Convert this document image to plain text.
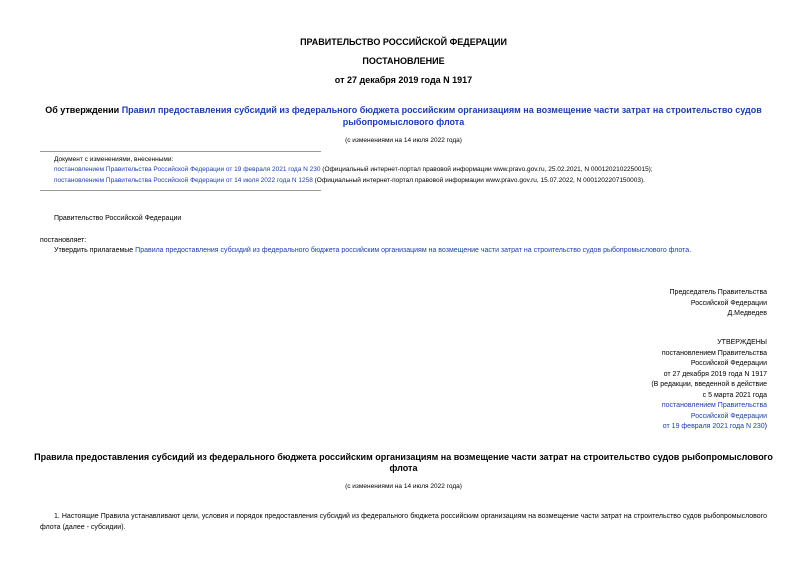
ПРАВИТЕЛЬСТВО РОССИЙСКОЙ ФЕДЕРАЦИИ
ПОСТАНОВЛЕНИЕ
от 27 декабря 2019 года N 1917
Об утверждении Правил предоставления субсидий из федерального бюджета российским организациям на возмещение части затрат на строительство судов
рыбопромыслового флота
(с изменениями на 14 июля 2022 года)
Документ с изменениями, внесенными:
постановлением Правительства Российской Федерации от 19 февраля 2021 года N 230 (Официальный интернет-портал правовой информации www.pravo.gov.ru, 25.02.2021, N 0001202102250015);
постановлением Правительства Российской Федерации от 14 июля 2022 года N 1258 (Официальный интернет-портал правовой информации www.pravo.gov.ru, 15.07.2022, N 0001202207150003).
Правительство Российской Федерации
постановляет:
Утвердить прилагаемые Правила предоставления субсидий из федерального бюджета российским организациям на возмещение части затрат на строительство судов рыбопромыслового флота.
Председатель Правительства
Российской Федерации
Д.Медведев
УТВЕРЖДЕНЫ
постановлением Правительства
Российской Федерации
от 27 декабря 2019 года N 1917
(В редакции, введенной в действие
с 5 марта 2021 года
постановлением Правительства
Российской Федерации
от 19 февраля 2021 года N 230)
Правила предоставления субсидий из федерального бюджета российским организациям на возмещение части затрат на строительство судов рыбопромыслового
флота
(с изменениями на 14 июля 2022 года)
1. Настоящие Правила устанавливают цели, условия и порядок предоставления субсидий из федерального бюджета российским организациям на возмещение части затрат на строительство судов рыбопромыслового флота (далее - субсидии).
